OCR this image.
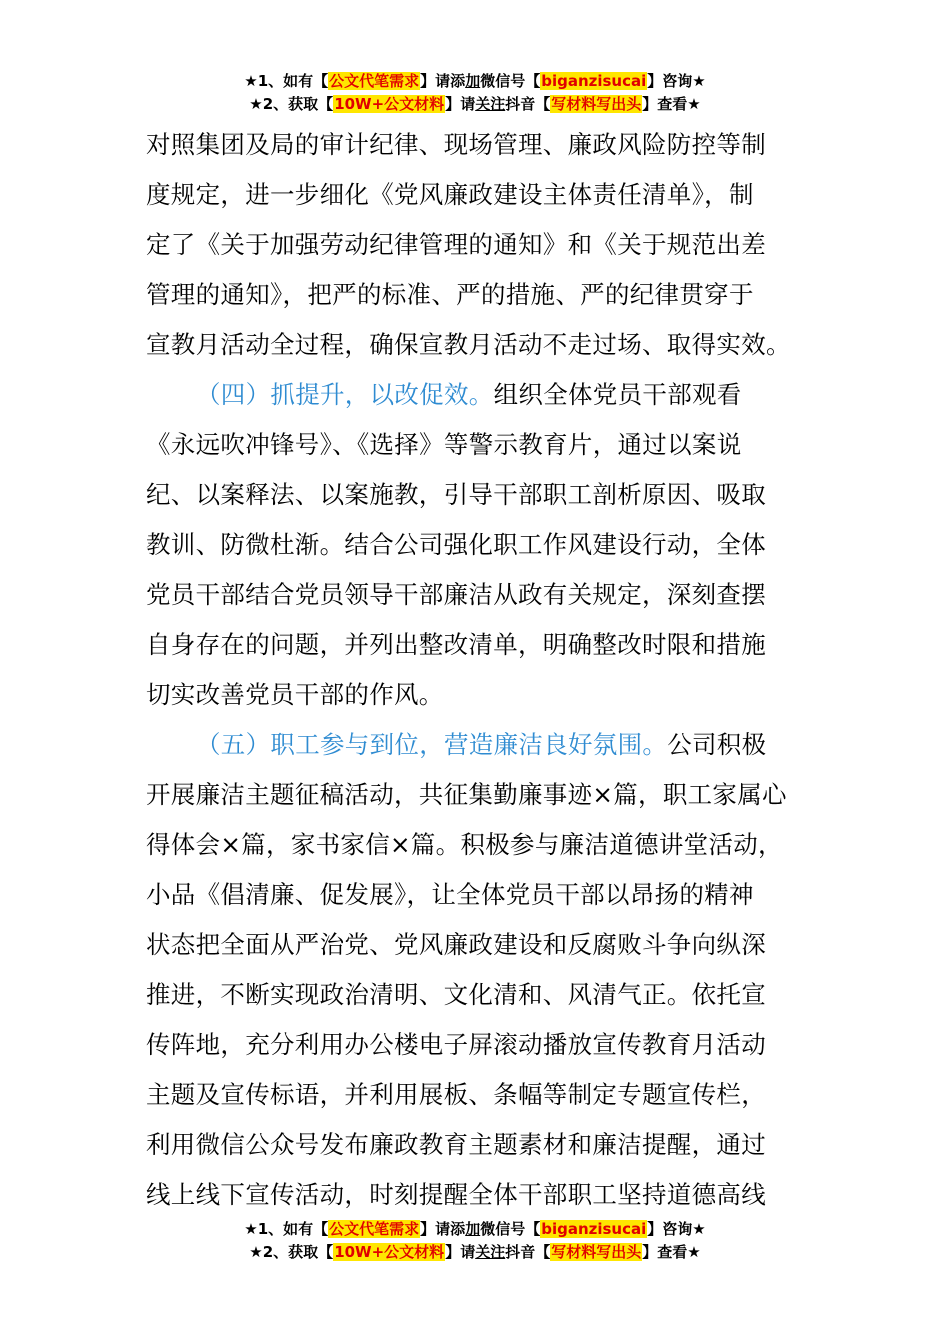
★1、如有【公文代笔需求】请添加微信号【biganzisucai】咨询★
★2、获取【10W+公文材料】请关注抖音【写材料写出头】查看★

对照集团及局的审计纪律、现场管理、廉政风险防控等制
度规定，进一步细化《党风廉政建设主体责任清单》，制
定了《关于加强劳动纪律管理的通知》和《关于规范出差
管理的通知》，把严的标准、严的措施、严的纪律贯穿于
宣教月活动全过程，确保宣教月活动不走过场、取得实效。

（四）抓提升，以改促效。组织全体党员干部观看
《永远吹冲锋号》、《选择》等警示教育片，通过以案说
纪、以案释法、以案施教，引导干部职工剖析原因、吸取
教训、防微杜渐。结合公司强化职工作风建设行动，全体
党员干部结合党员领导干部廉洁从政有关规定，深刻查摆
自身存在的问题，并列出整改清单，明确整改时限和措施
切实改善党员干部的作风。

（五）职工参与到位，营造廉洁良好氛围。公司积极
开展廉洁主题征稿活动，共征集勤廉事迹×篇，职工家属心
得体会×篇，家书家信×篇。积极参与廉洁道德讲堂活动，
小品《倡清廉、促发展》，让全体党员干部以昂扬的精神
状态把全面从严治党、党风廉政建设和反腐败斗争向纵深
推进，不断实现政治清明、文化清和、风清气正。依托宣
传阵地，充分利用办公楼电子屏滚动播放宣传教育月活动
主题及宣传标语，并利用展板、条幅等制定专题宣传栏，
利用微信公众号发布廉政教育主题素材和廉洁提醒，通过
线上线下宣传活动，时刻提醒全体干部职工坚持道德高线

★1、如有【公文代笔需求】请添加微信号【biganzisucai】咨询★
★2、获取【10W+公文材料】请关注抖音【写材料写出头】查看★
